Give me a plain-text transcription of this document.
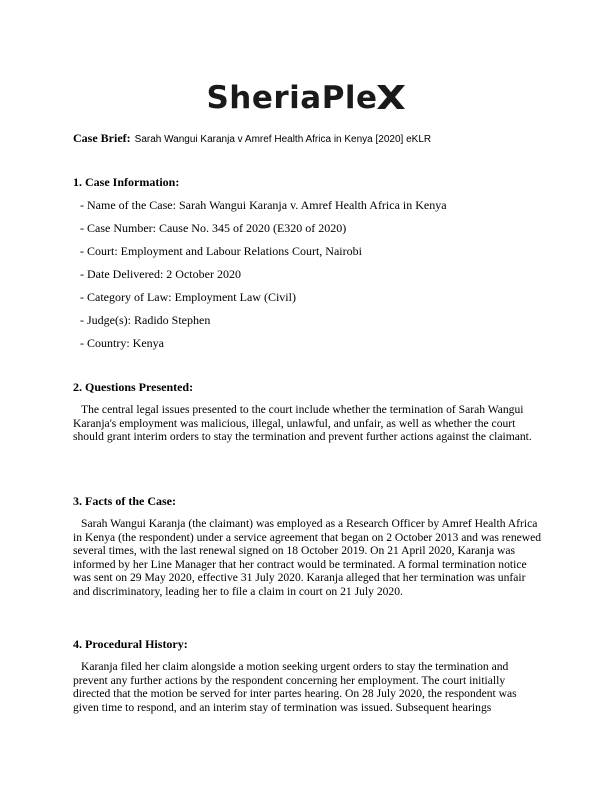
SheriaPle
Case Brief: Sarah Wangui Karanja v Amref Health Africa in Kenya [2020] eKLR
1. Case Information:
- Name of the Case: Sarah Wangui Karanja v. Amref Health Africa in Kenya
- Case Number: Cause No. 345 of 2020 (E320 of 2020)
- Court: Employment and Labour Relations Court, Nairobi
- Date Delivered: 2 October 2020
- Category of Law: Employment Law (Civil)
- Judge(s): Radido Stephen
- Country: Kenya
2. Questions Presented:
The central legal issues presented to the court include whether the termination of Sarah Wangui Karanja's employment was malicious, illegal, unlawful, and unfair, as well as whether the court should grant interim orders to stay the termination and prevent further actions against the claimant.
3. Facts of the Case:
Sarah Wangui Karanja (the claimant) was employed as a Research Officer by Amref Health Africa in Kenya (the respondent) under a service agreement that began on 2 October 2013 and was renewed several times, with the last renewal signed on 18 October 2019. On 21 April 2020, Karanja was informed by her Line Manager that her contract would be terminated. A formal termination notice was sent on 29 May 2020, effective 31 July 2020. Karanja alleged that her termination was unfair and discriminatory, leading her to file a claim in court on 21 July 2020.
4. Procedural History:
Karanja filed her claim alongside a motion seeking urgent orders to stay the termination and prevent any further actions by the respondent concerning her employment. The court initially directed that the motion be served for inter partes hearing. On 28 July 2020, the respondent was given time to respond, and an interim stay of termination was issued. Subsequent hearings
